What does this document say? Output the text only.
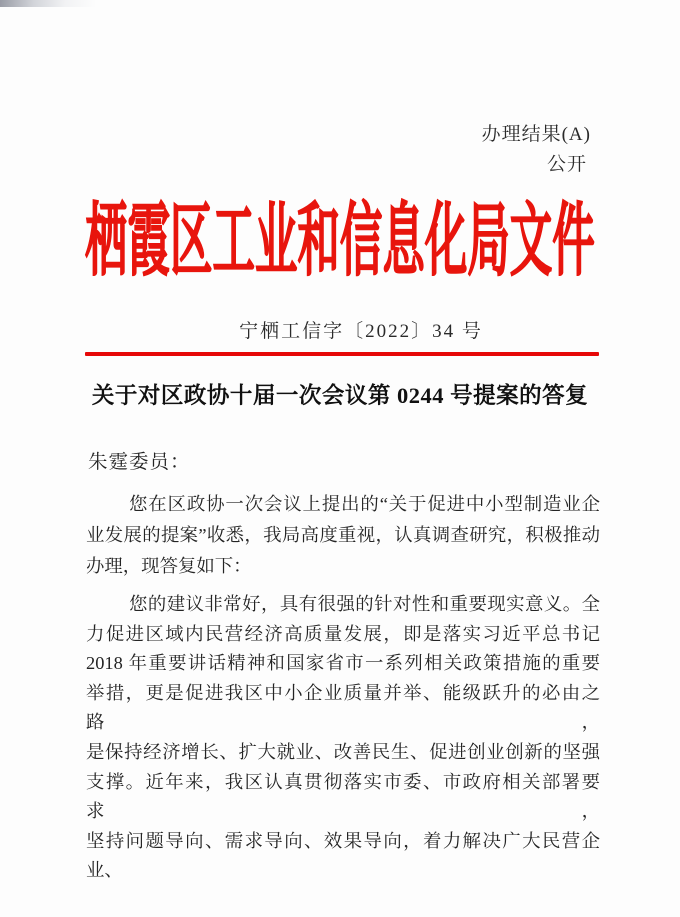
办理结果(A)
公开
栖霞区工业和信息化局文件
宁栖工信字〔2022〕34 号
关于对区政协十届一次会议第 0244 号提案的答复
朱霆委员：
您在区政协一次会议上提出的“关于促进中小型制造业企
业发展的提案”收悉，我局高度重视，认真调查研究，积极推动
办理，现答复如下：
您的建议非常好，具有很强的针对性和重要现实意义。全
力促进区域内民营经济高质量发展，即是落实习近平总书记
2018 年重要讲话精神和国家省市一系列相关政策措施的重要
举措，更是促进我区中小企业质量并举、能级跃升的必由之路，
是保持经济增长、扩大就业、改善民生、促进创业创新的坚强
支撑。近年来，我区认真贯彻落实市委、市政府相关部署要求，
坚持问题导向、需求导向、效果导向，着力解决广大民营企业、
